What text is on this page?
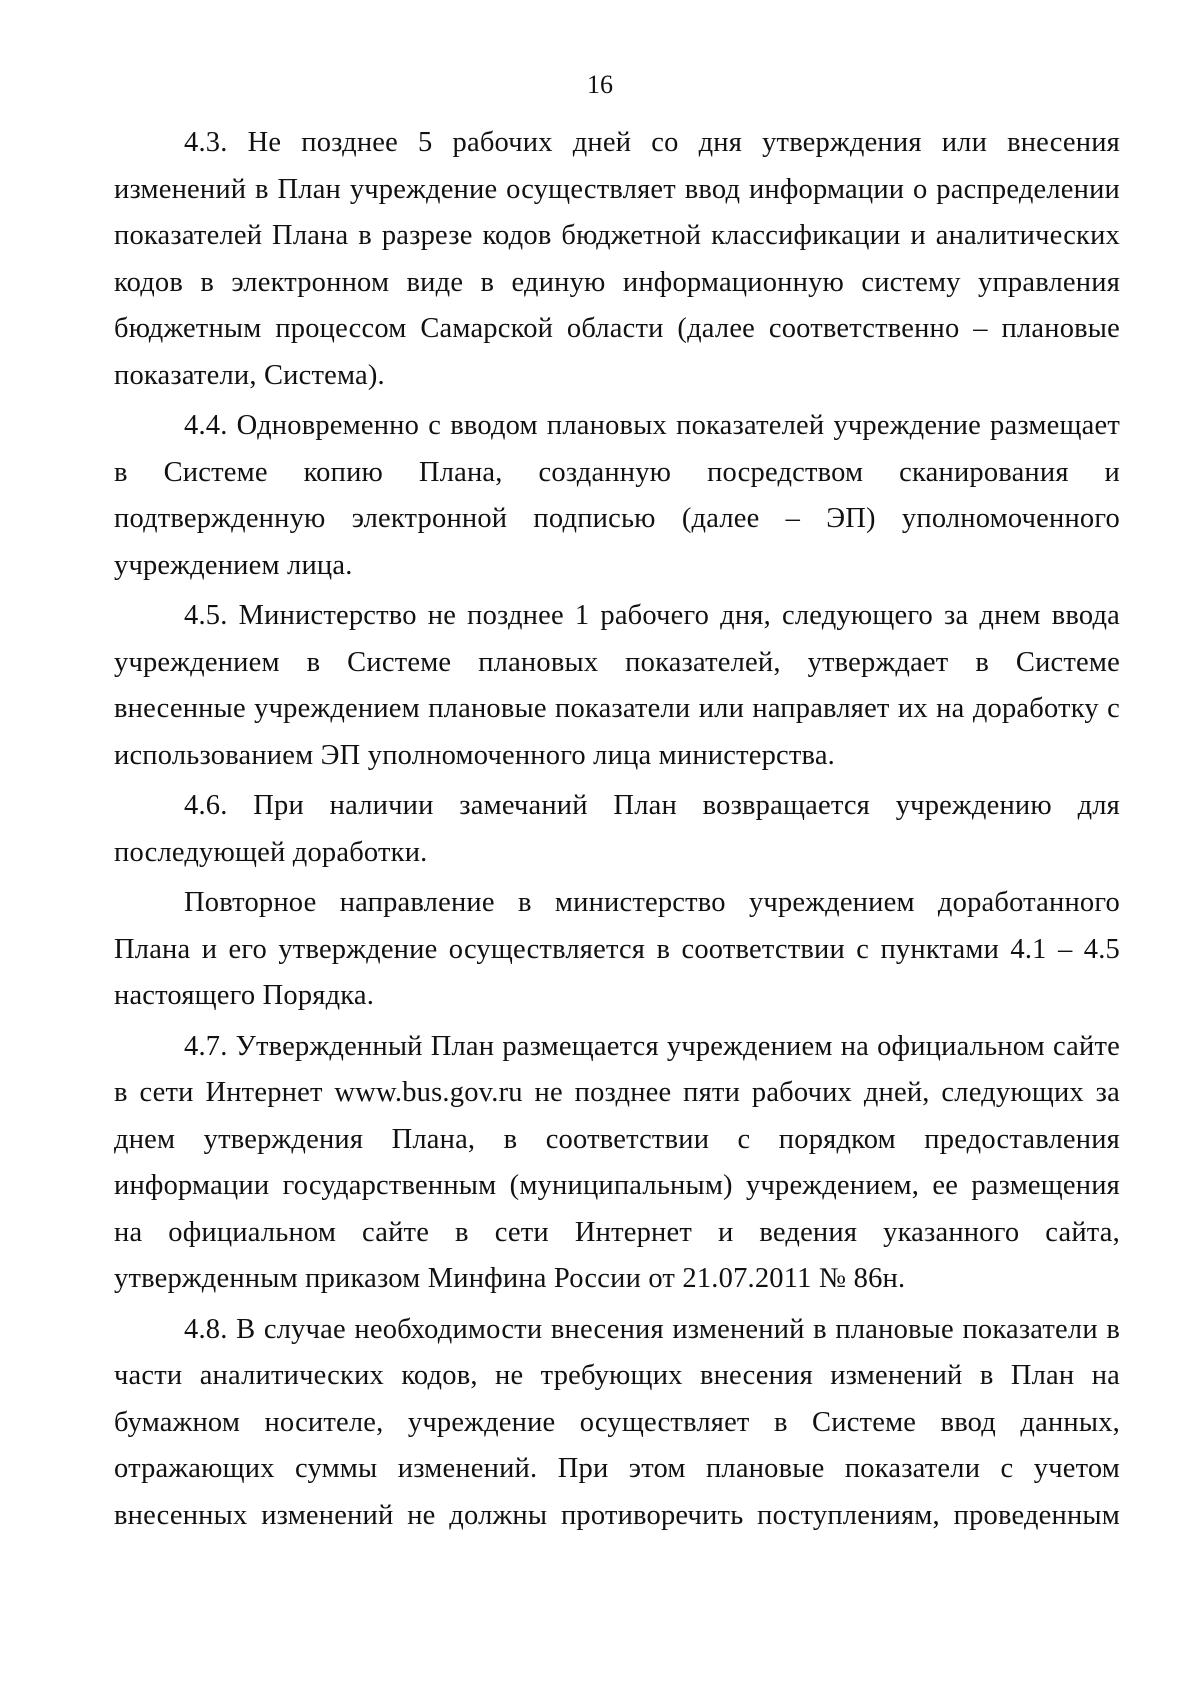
16

4.3. Не позднее 5 рабочих дней со дня утверждения или внесения изменений в План учреждение осуществляет ввод информации о распределении показателей Плана в разрезе кодов бюджетной классификации и аналитических кодов в электронном виде в единую информационную систему управления бюджетным процессом Самарской области (далее соответственно – плановые показатели, Система).

4.4. Одновременно с вводом плановых показателей учреждение размещает в Системе копию Плана, созданную посредством сканирования и подтвержденную электронной подписью (далее – ЭП) уполномоченного учреждением лица.

4.5. Министерство не позднее 1 рабочего дня, следующего за днем ввода учреждением в Системе плановых показателей, утверждает в Системе внесенные учреждением плановые показатели или направляет их на доработку с использованием ЭП уполномоченного лица министерства.

4.6. При наличии замечаний План возвращается учреждению для последующей доработки.

Повторное направление в министерство учреждением доработанного Плана и его утверждение осуществляется в соответствии с пунктами 4.1 – 4.5 настоящего Порядка.

4.7. Утвержденный План размещается учреждением на официальном сайте в сети Интернет www.bus.gov.ru не позднее пяти рабочих дней, следующих за днем утверждения Плана, в соответствии с порядком предоставления информации государственным (муниципальным) учреждением, ее размещения на официальном сайте в сети Интернет и ведения указанного сайта, утвержденным приказом Минфина России от 21.07.2011 № 86н.

4.8. В случае необходимости внесения изменений в плановые показатели в части аналитических кодов, не требующих внесения изменений в План на бумажном носителе, учреждение осуществляет в Системе ввод данных, отражающих суммы изменений. При этом плановые показатели с учетом внесенных изменений не должны противоречить поступлениям, проведенным
